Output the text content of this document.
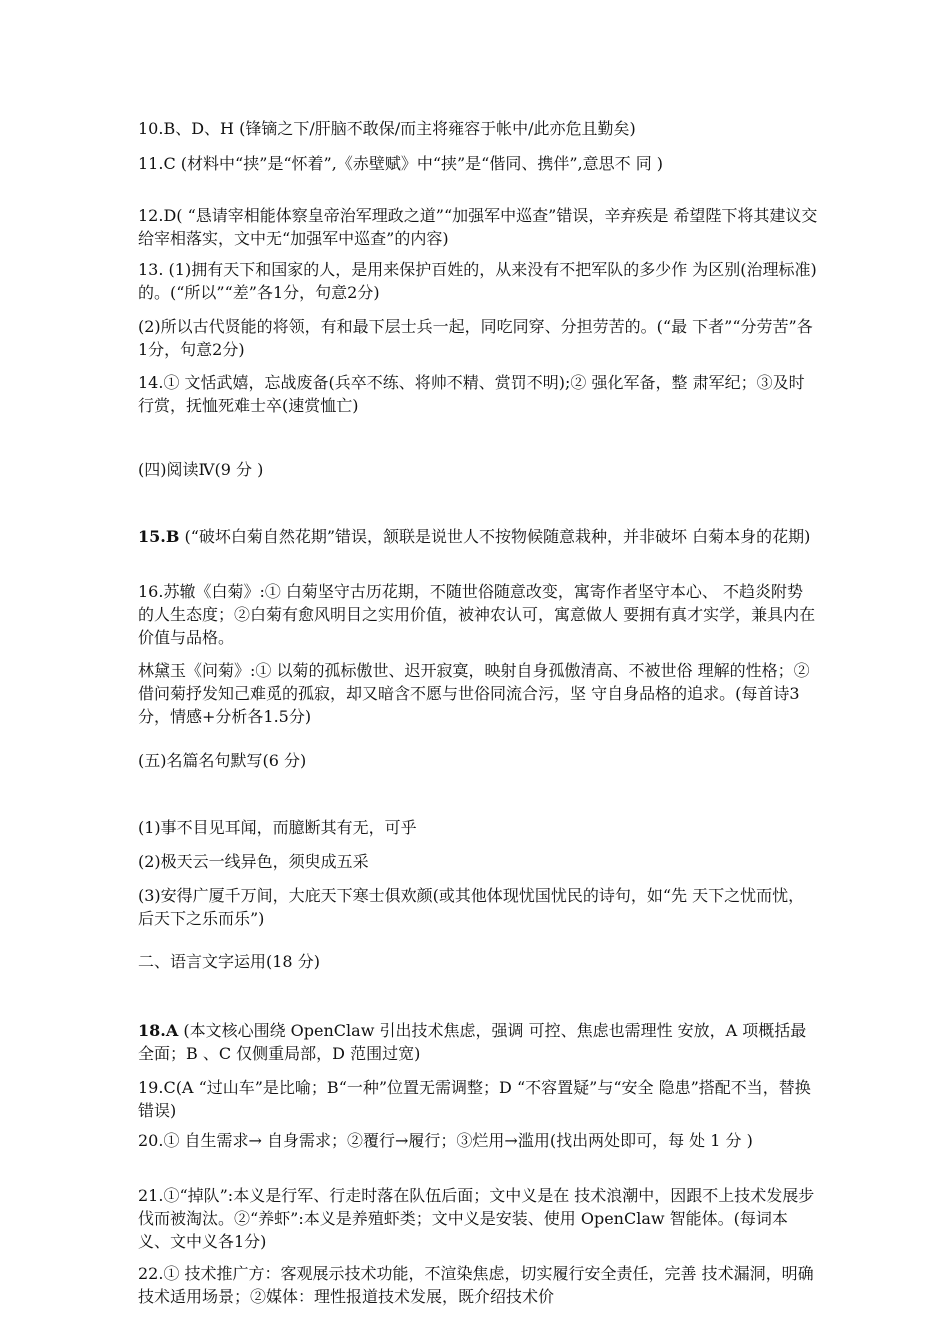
10.B、D、H (锋镝之下/肝脑不敢保/而主将雍容于帐中/此亦危且勤矣)

11.C (材料中“挟”是“怀着”,《赤壁赋》中“挟”是“偕同、携伴”,意思不 同 )

12.D( “恳请宰相能体察皇帝治军理政之道”“加强军中巡查”错误，辛弃疾是 希望陛下将其建议交给宰相落实，文中无“加强军中巡查”的内容)

13. (1)拥有天下和国家的人，是用来保护百姓的，从来没有不把军队的多少作 为区别(治理标准)的。(“所以”“差”各1分，句意2分)

(2)所以古代贤能的将领，有和最下层士兵一起，同吃同穿、分担劳苦的。(“最 下者”“分劳苦”各1分，句意2分)

14.① 文恬武嬉，忘战废备(兵卒不练、将帅不精、赏罚不明);② 强化军备，整 肃军纪；③及时行赏，抚恤死难士卒(速赏恤亡)

(四)阅读Ⅳ(9 分 )

15.B (“破坏白菊自然花期”错误，颔联是说世人不按物候随意栽种，并非破坏 白菊本身的花期)

16.苏辙《白菊》:① 白菊坚守古历花期，不随世俗随意改变，寓寄作者坚守本心、 不趋炎附势的人生态度；②白菊有愈风明目之实用价值，被神农认可，寓意做人 要拥有真才实学，兼具内在价值与品格。

林黛玉《问菊》:① 以菊的孤标傲世、迟开寂寞，映射自身孤傲清高、不被世俗 理解的性格；②借问菊抒发知己难觅的孤寂，却又暗含不愿与世俗同流合污，坚 守自身品格的追求。(每首诗3分，情感+分析各1.5分)

(五)名篇名句默写(6 分)

(1)事不目见耳闻，而臆断其有无，可乎

(2)极天云一线异色，须臾成五采

(3)安得广厦千万间，大庇天下寒士俱欢颜(或其他体现忧国忧民的诗句，如“先 天下之忧而忧，后天下之乐而乐”)

二、语言文字运用(18 分)

18.A (本文核心围绕 OpenClaw 引出技术焦虑，强调 可控、焦虑也需理性 安放，A 项概括最全面；B 、C 仅侧重局部，D 范围过宽)

19.C(A “过山车”是比喻；B“一种”位置无需调整；D “不容置疑”与“安全 隐患”搭配不当，替换错误)

20.① 自生需求→ 自身需求；②覆行→履行；③烂用→滥用(找出两处即可，每 处 1 分 )

21.①“掉队”:本义是行军、行走时落在队伍后面；文中义是在 技术浪潮中，因跟不上技术发展步伐而被淘汰。②“养虾”:本义是养殖虾类；文中义是安装、使用 OpenClaw 智能体。(每词本义、文中义各1分)

22.① 技术推广方：客观展示技术功能，不渲染焦虑，切实履行安全责任，完善 技术漏洞，明确技术适用场景；②媒体：理性报道技术发展，既介绍技术价
